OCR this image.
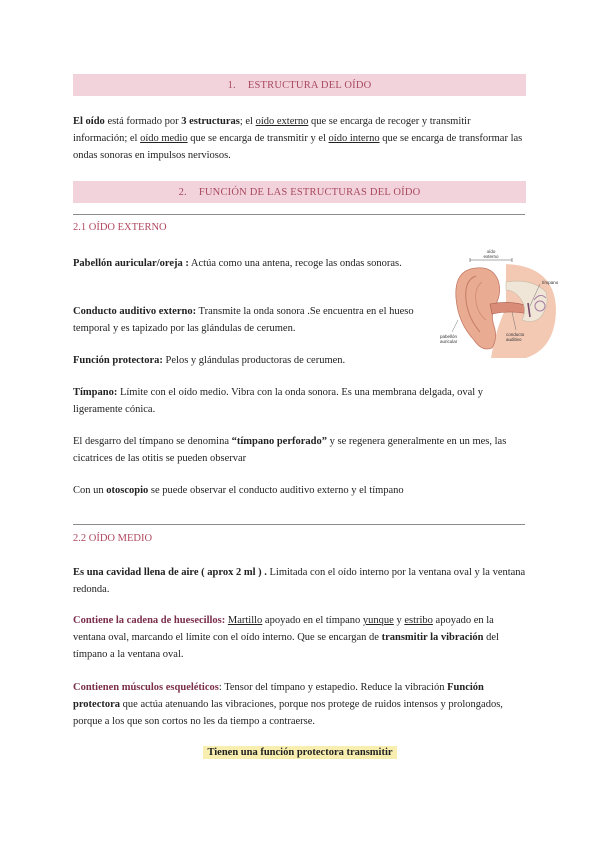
1. ESTRUCTURA DEL OÍDO

El oído está formado por 3 estructuras; el oído externo que se encarga de recoger y transmitir información; el oído medio que se encarga de transmitir y el oído interno que se encarga de transformar las ondas sonoras en impulsos nerviosos.

2. FUNCIÓN DE LAS ESTRUCTURAS DEL OÍDO
2.1 OÍDO EXTERNO
oído
externo
tímpano
pabellón
auricular
conducto
auditivo

Pabellón auricular/oreja : Actúa como una antena, recoge las ondas sonoras.

Conducto auditivo externo: Transmite la onda sonora .Se encuentra en el hueso temporal y es tapizado por las glándulas de cerumen.

Función protectora: Pelos y glándulas productoras de cerumen.

Tímpano: Límite con el oído medio. Vibra con la onda sonora. Es una membrana delgada, oval y ligeramente cónica.

El desgarro del tímpano se denomina “tímpano perforado” y se regenera generalmente en un mes, las cicatrices de las otitis se pueden observar

Con un otoscopio se puede observar el conducto auditivo externo y el tímpano

2.2 OÍDO MEDIO

Es una cavidad llena de aire ( aprox 2 ml ) . Limitada con el oído interno por la ventana oval y la ventana redonda.

Contiene la cadena de huesecillos: Martillo apoyado en el tímpano yunque y estribo apoyado en la ventana oval, marcando el límite con el oído interno. Que se encargan de transmitir la vibración del tímpano a la ventana oval.

Contienen músculos esqueléticos: Tensor del tímpano y estapedio. Reduce la vibración Función protectora que actúa atenuando las vibraciones, porque nos protege de ruidos intensos y prolongados, porque a los que son cortos no les da tiempo a contraerse.

Tienen una función protectora transmitir
